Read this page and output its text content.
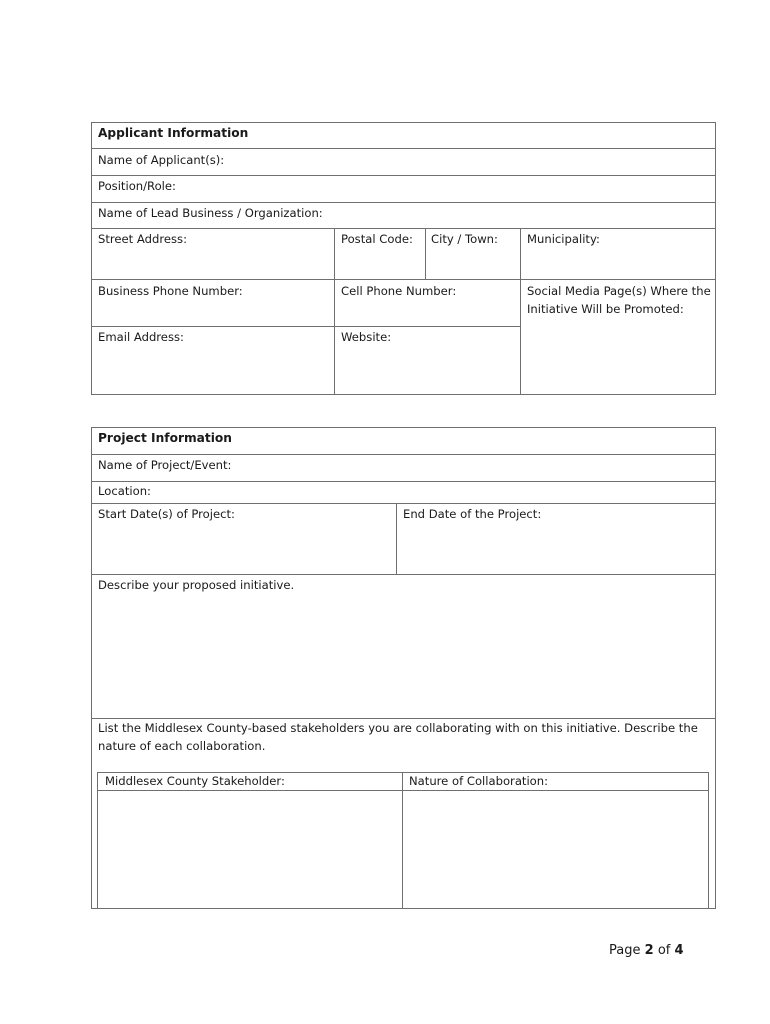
Applicant Information
Name of Applicant(s):
Position/Role:
Name of Lead Business / Organization:
Street Address:	Postal Code: City / Town:	Municipality:
Business Phone Number:	Cell Phone Number:	Social Media Page(s) Where the Initiative Will be Promoted:
Email Address:	Website:
Project Information
Name of Project/Event:
Location:
Start Date(s) of Project:	End Date of the Project:
Describe your proposed initiative.
List the Middlesex County-based stakeholders you are collaborating with on this initiative. Describe the nature of each collaboration.
Middlesex County Stakeholder:	Nature of Collaboration:
Page 2 of 4
